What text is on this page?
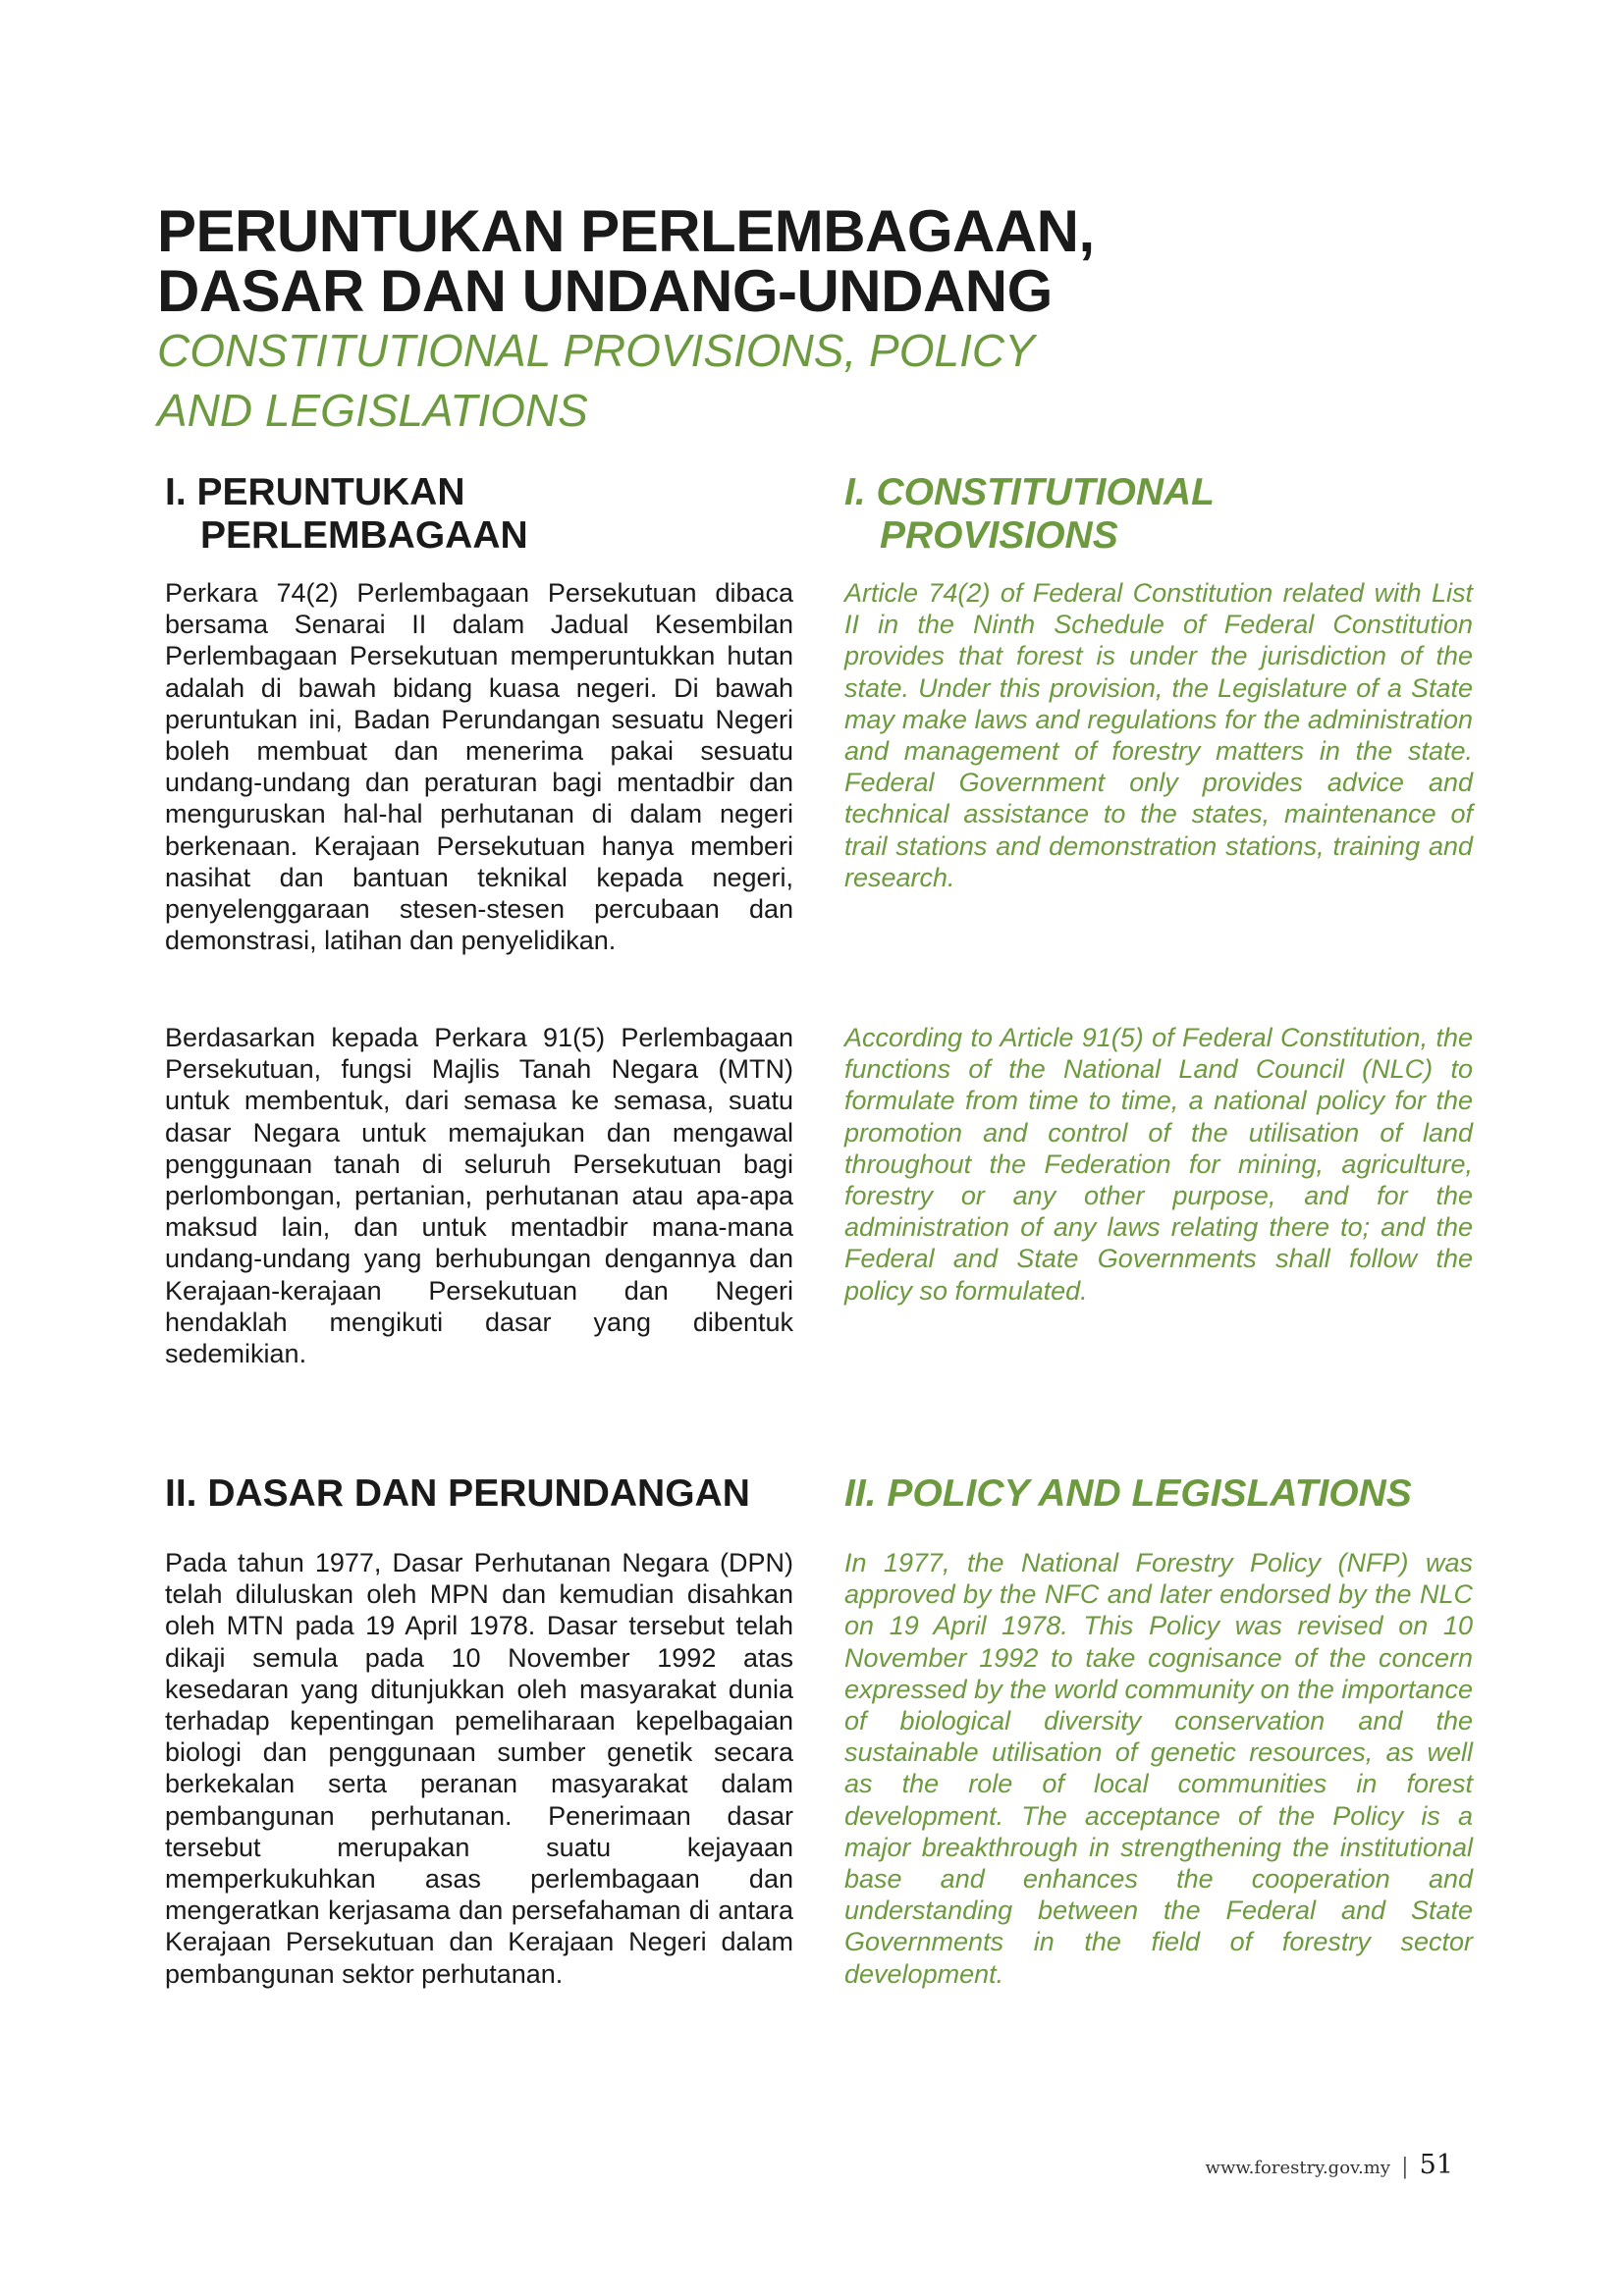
PERUNTUKAN PERLEMBAGAAN,
DASAR DAN UNDANG-UNDANG
CONSTITUTIONAL PROVISIONS, POLICY
AND LEGISLATIONS
I. PERUNTUKAN
PERLEMBAGAAN
I. CONSTITUTIONAL
PROVISIONS

Perkara 74(2) Perlembagaan Persekutuan dibaca bersama Senarai II dalam Jadual Kesembilan Perlembagaan Persekutuan memperuntukkan hutan adalah di bawah bidang kuasa negeri. Di bawah peruntukan ini, Badan Perundangan sesuatu Negeri boleh membuat dan menerima pakai sesuatu undang-undang dan peraturan bagi mentadbir dan menguruskan hal-hal perhutanan di dalam negeri berkenaan. Kerajaan Persekutuan hanya memberi nasihat dan bantuan teknikal kepada negeri, penyelenggaraan stesen-stesen percubaan dan demonstrasi, latihan dan penyelidikan.

Article 74(2) of Federal Constitution related with List II in the Ninth Schedule of Federal Constitution provides that forest is under the jurisdiction of the state. Under this provision, the Legislature of a State may make laws and regulations for the administration and management of forestry matters in the state. Federal Government only provides advice and technical assistance to the states, maintenance of trail stations and demonstration stations, training and research.

Berdasarkan kepada Perkara 91(5) Perlembagaan Persekutuan, fungsi Majlis Tanah Negara (MTN) untuk membentuk, dari semasa ke semasa, suatu dasar Negara untuk memajukan dan mengawal penggunaan tanah di seluruh Persekutuan bagi perlombongan, pertanian, perhutanan atau apa-apa maksud lain, dan untuk mentadbir mana-mana undang-undang yang berhubungan dengannya dan Kerajaan-kerajaan Persekutuan dan Negeri hendaklah mengikuti dasar yang dibentuk sedemikian.

According to Article 91(5) of Federal Constitution, the functions of the National Land Council (NLC) to formulate from time to time, a national policy for the promotion and control of the utilisation of land throughout the Federation for mining, agriculture, forestry or any other purpose, and for the administration of any laws relating there to; and the Federal and State Governments shall follow the policy so formulated.

II. DASAR DAN PERUNDANGAN	II. POLICY AND LEGISLATIONS

Pada tahun 1977, Dasar Perhutanan Negara (DPN) telah diluluskan oleh MPN dan kemudian disahkan oleh MTN pada 19 April 1978. Dasar tersebut telah dikaji semula pada 10 November 1992 atas kesedaran yang ditunjukkan oleh masyarakat dunia terhadap kepentingan pemeliharaan kepelbagaian biologi dan penggunaan sumber genetik secara berkekalan serta peranan masyarakat dalam pembangunan perhutanan. Penerimaan dasar tersebut merupakan suatu kejayaan memperkukuhkan asas perlembagaan dan mengeratkan kerjasama dan persefahaman di antara Kerajaan Persekutuan dan Kerajaan Negeri dalam pembangunan sektor perhutanan.

In 1977, the National Forestry Policy (NFP) was approved by the NFC and later endorsed by the NLC on 19 April 1978. This Policy was revised on 10 November 1992 to take cognisance of the concern expressed by the world community on the importance of biological diversity conservation and the sustainable utilisation of genetic resources, as well as the role of local communities in forest development. The acceptance of the Policy is a major breakthrough in strengthening the institutional base and enhances the cooperation and understanding between the Federal and State Governments in the field of forestry sector development.

www.forestry.gov.my | 51
